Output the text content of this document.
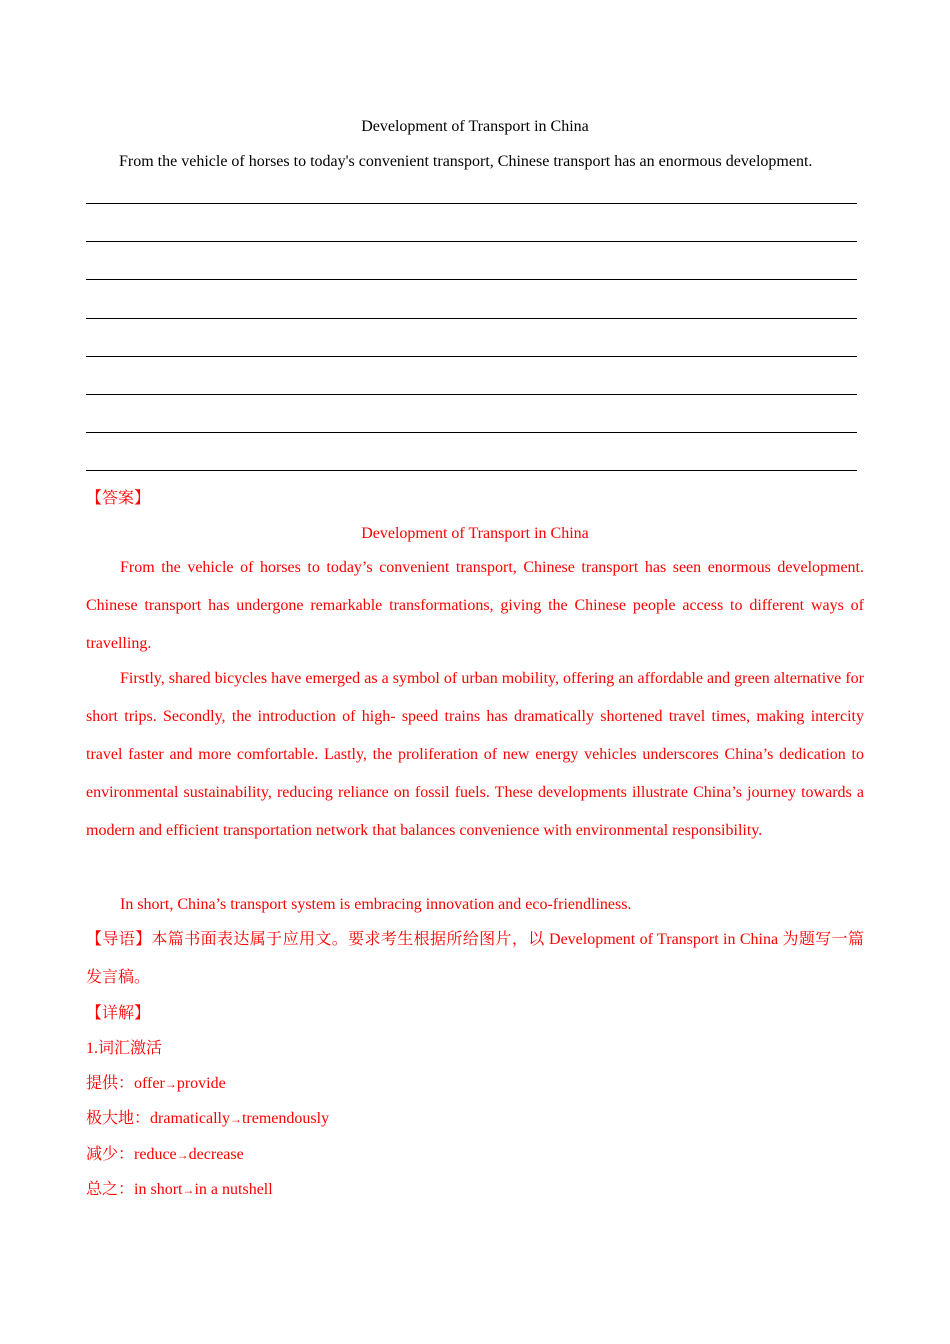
Development of Transport in China
From the vehicle of horses to today's convenient transport, Chinese transport has an enormous development.
【答案】
Development of Transport in China
From the vehicle of horses to today’s convenient transport, Chinese transport has seen enormous development. Chinese transport has undergone remarkable transformations, giving the Chinese people access to different ways of travelling.
Firstly, shared bicycles have emerged as a symbol of urban mobility, offering an affordable and green alternative for short trips. Secondly, the introduction of high- speed trains has dramatically shortened travel times, making intercity travel faster and more comfortable. Lastly, the proliferation of new energy vehicles underscores China’s dedication to environmental sustainability, reducing reliance on fossil fuels. These developments illustrate China’s journey towards a modern and efficient transportation network that balances convenience with environmental responsibility.
In short, China’s transport system is embracing innovation and eco-friendliness.
【导语】本篇书面表达属于应用文。要求考生根据所给图片，以 Development of Transport in China 为题写一篇发言稿。
【详解】
1.词汇激活
提供：offer→provide
极大地：dramatically→tremendously
减少：reduce→decrease
总之：in short→in a nutshell
